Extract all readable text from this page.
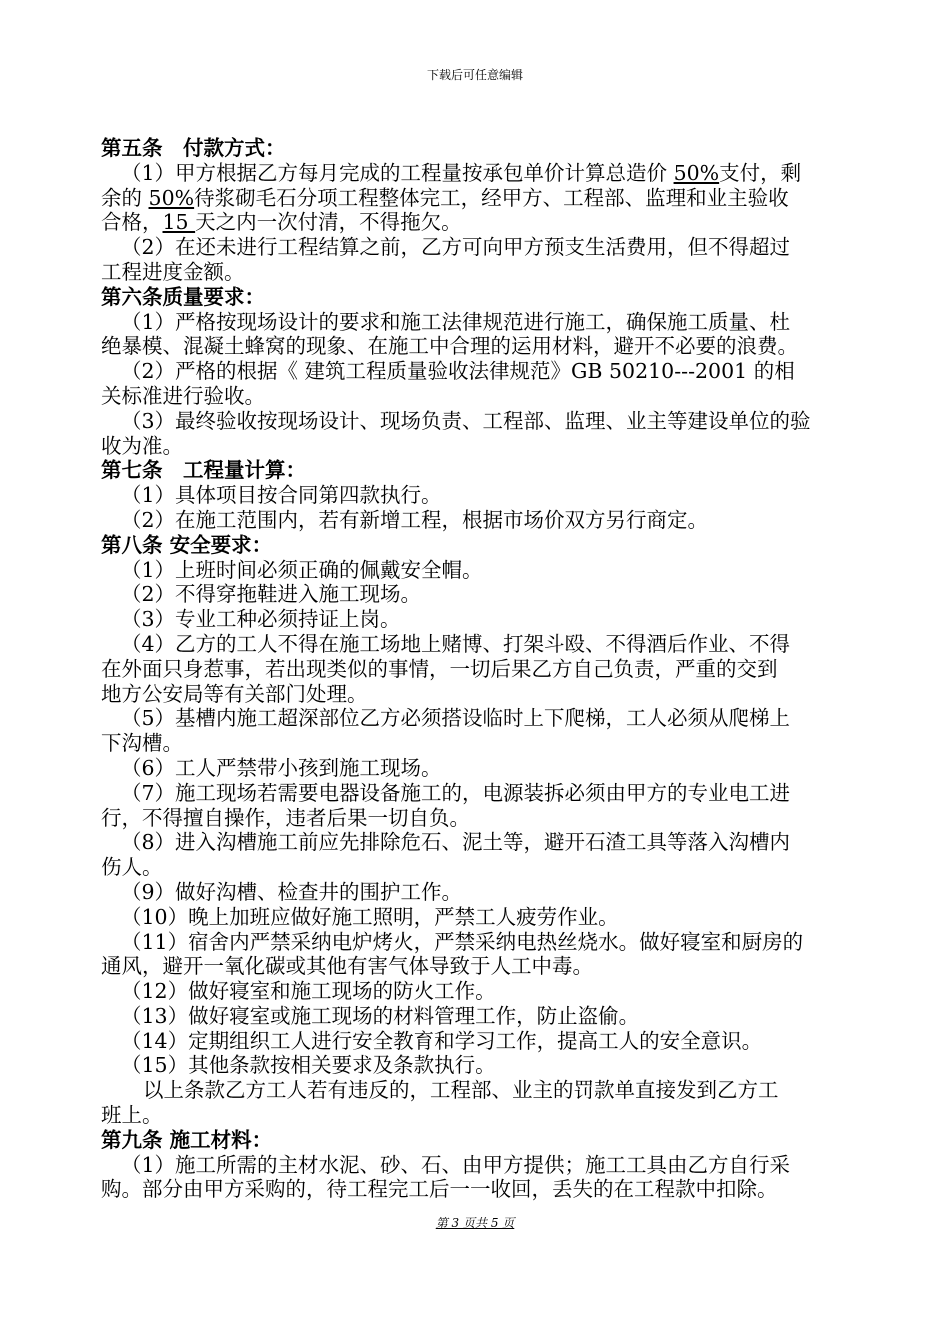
下载后可任意编辑
第五条　付款方式：
（1）甲方根据乙方每月完成的工程量按承包单价计算总造价 50%支付，剩
余的 50%待浆砌毛石分项工程整体完工，经甲方、工程部、监理和业主验收
合格，15 天之内一次付清，不得拖欠。
（2）在还未进行工程结算之前，乙方可向甲方预支生活费用，但不得超过
工程进度金额。
第六条质量要求：
（1）严格按现场设计的要求和施工法律规范进行施工，确保施工质量、杜
绝暴模、混凝土蜂窝的现象、在施工中合理的运用材料，避开不必要的浪费。
（2）严格的根据《 建筑工程质量验收法律规范》GB 50210---2001 的相
关标准进行验收。
（3）最终验收按现场设计、现场负责、工程部、监理、业主等建设单位的验
收为准。
第七条　工程量计算：
（1）具体项目按合同第四款执行。
（2）在施工范围内，若有新增工程，根据市场价双方另行商定。
第八条 安全要求：
（1）上班时间必须正确的佩戴安全帽。
（2）不得穿拖鞋进入施工现场。
（3）专业工种必须持证上岗。
（4）乙方的工人不得在施工场地上赌博、打架斗殴、不得酒后作业、不得
在外面只身惹事，若出现类似的事情，一切后果乙方自己负责，严重的交到
地方公安局等有关部门处理。
（5）基槽内施工超深部位乙方必须搭设临时上下爬梯，工人必须从爬梯上
下沟槽。
（6）工人严禁带小孩到施工现场。
（7）施工现场若需要电器设备施工的，电源装拆必须由甲方的专业电工进
行，不得擅自操作，违者后果一切自负。
（8）进入沟槽施工前应先排除危石、泥土等，避开石渣工具等落入沟槽内
伤人。
（9）做好沟槽、检查井的围护工作。
（10）晚上加班应做好施工照明，严禁工人疲劳作业。
（11）宿舍内严禁采纳电炉烤火，严禁采纳电热丝烧水。做好寝室和厨房的
通风，避开一氧化碳或其他有害气体导致于人工中毒。
（12）做好寝室和施工现场的防火工作。
（13）做好寝室或施工现场的材料管理工作，防止盗偷。
（14）定期组织工人进行安全教育和学习工作，提高工人的安全意识。
（15）其他条款按相关要求及条款执行。
以上条款乙方工人若有违反的，工程部、业主的罚款单直接发到乙方工
班上。
第九条 施工材料：
（1）施工所需的主材水泥、砂、石、由甲方提供；施工工具由乙方自行采
购。部分由甲方采购的，待工程完工后一一收回，丢失的在工程款中扣除。
第 3 页共 5 页
